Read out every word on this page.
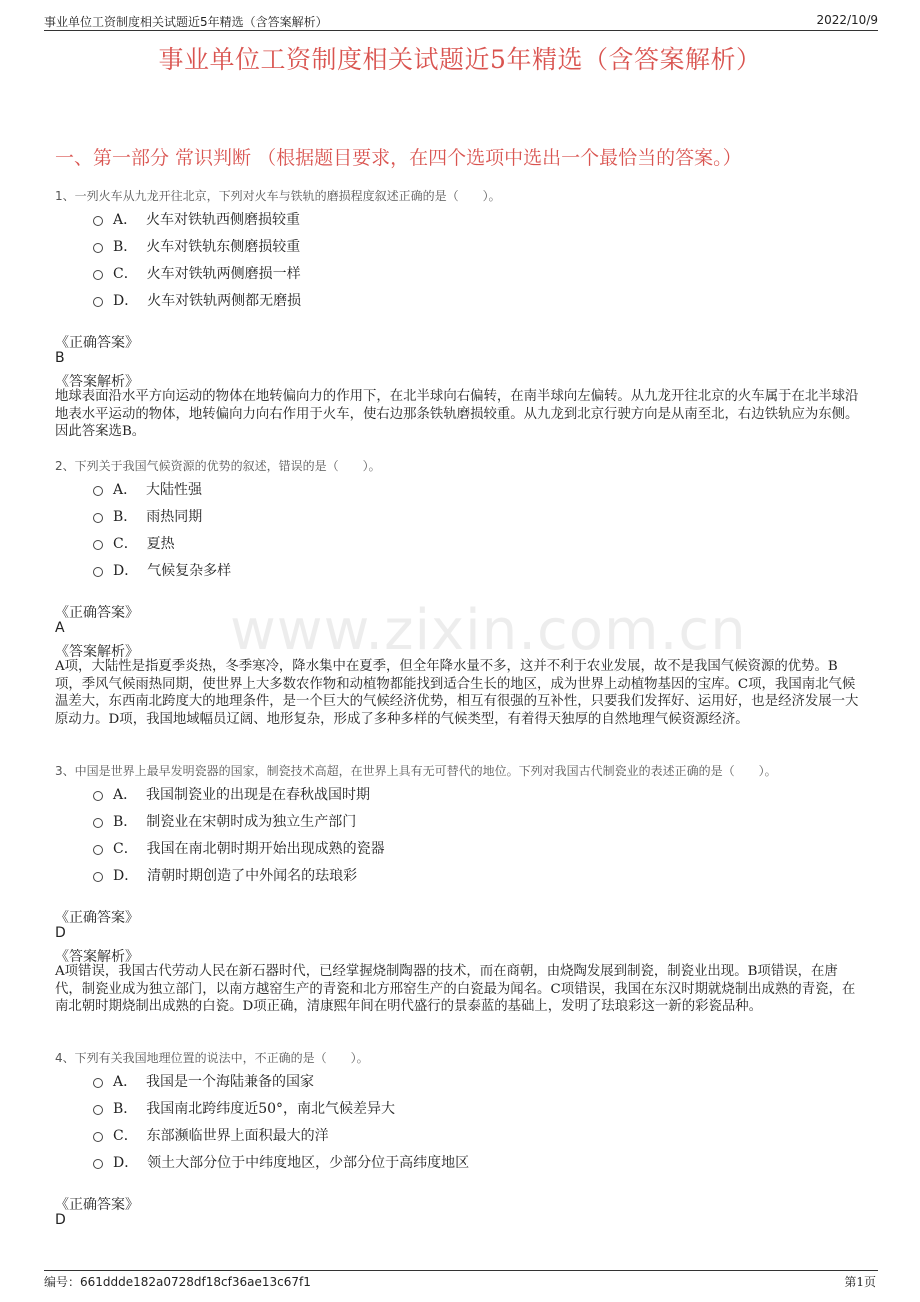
事业单位工资制度相关试题近5年精选（含答案解析）	2022/10/9
事业单位工资制度相关试题近5年精选（含答案解析）
一、第一部分 常识判断 （根据题目要求，在四个选项中选出一个最恰当的答案。）
www.zixin.com.cn
1、一列火车从九龙开往北京，下列对火车与铁轨的磨损程度叙述正确的是（　　）。
A． 火车对铁轨西侧磨损较重
B． 火车对铁轨东侧磨损较重
C． 火车对铁轨两侧磨损一样
D． 火车对铁轨两侧都无磨损
《正确答案》
B
《答案解析》
地球表面沿水平方向运动的物体在地转偏向力的作用下，在北半球向右偏转，在南半球向左偏转。从九龙开往北京的火车属于在北半球沿地表水平运动的物体，地转偏向力向右作用于火车，使右边那条铁轨磨损较重。从九龙到北京行驶方向是从南至北，右边铁轨应为东侧。因此答案选B。
2、下列关于我国气候资源的优势的叙述，错误的是（　　）。
A． 大陆性强
B． 雨热同期
C． 夏热
D． 气候复杂多样
《正确答案》
A
《答案解析》
A项，大陆性是指夏季炎热，冬季寒冷，降水集中在夏季，但全年降水量不多，这并不利于农业发展，故不是我国气候资源的优势。B项，季风气候雨热同期，使世界上大多数农作物和动植物都能找到适合生长的地区，成为世界上动植物基因的宝库。C项，我国南北气候温差大，东西南北跨度大的地理条件，是一个巨大的气候经济优势，相互有很强的互补性，只要我们发挥好、运用好，也是经济发展一大原动力。D项，我国地域幅员辽阔、地形复杂，形成了多种多样的气候类型，有着得天独厚的自然地理气候资源经济。
3、中国是世界上最早发明瓷器的国家，制瓷技术高超，在世界上具有无可替代的地位。下列对我国古代制瓷业的表述正确的是（　　）。
A． 我国制瓷业的出现是在春秋战国时期
B． 制瓷业在宋朝时成为独立生产部门
C． 我国在南北朝时期开始出现成熟的瓷器
D． 清朝时期创造了中外闻名的珐琅彩
《正确答案》
D
《答案解析》
A项错误，我国古代劳动人民在新石器时代，已经掌握烧制陶器的技术，而在商朝，由烧陶发展到制瓷，制瓷业出现。B项错误，在唐代，制瓷业成为独立部门，以南方越窑生产的青瓷和北方邢窑生产的白瓷最为闻名。C项错误，我国在东汉时期就烧制出成熟的青瓷，在南北朝时期烧制出成熟的白瓷。D项正确，清康熙年间在明代盛行的景泰蓝的基础上，发明了珐琅彩这一新的彩瓷品种。
4、下列有关我国地理位置的说法中，不正确的是（　　）。
A． 我国是一个海陆兼备的国家
B． 我国南北跨纬度近50°，南北气候差异大
C． 东部濒临世界上面积最大的洋
D． 领土大部分位于中纬度地区，少部分位于高纬度地区
《正确答案》
D
编号：661ddde182a0728df18cf36ae13c67f1	第1页
